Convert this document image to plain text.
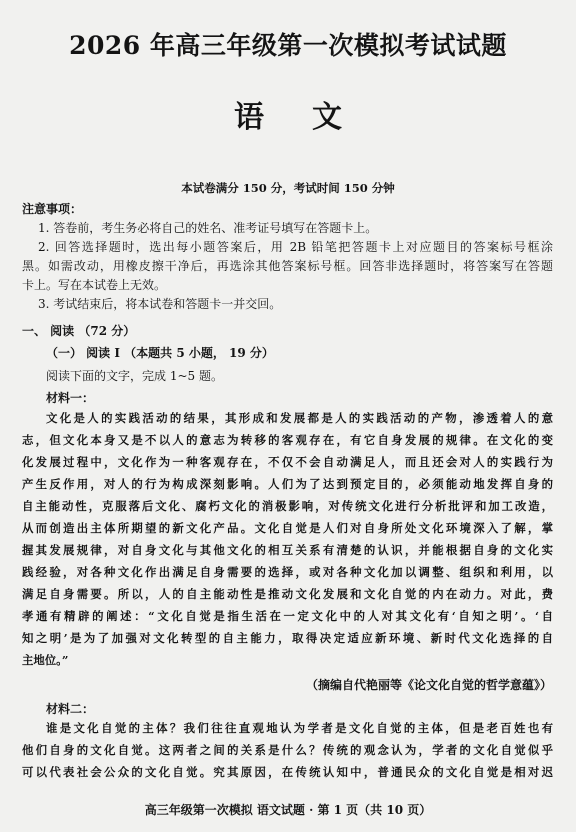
2026 年高三年级第一次模拟考试试题
语文
本试卷满分 150 分，考试时间 150 分钟
注意事项：
1. 答卷前，考生务必将自己的姓名、准考证号填写在答题卡上。
2. 回答选择题时，选出每小题答案后，用 2B 铅笔把答题卡上对应题目的答案标号框涂
黑。如需改动，用橡皮擦干净后，再选涂其他答案标号框。回答非选择题时，将答案写在答题
卡上。写在本试卷上无效。
3. 考试结束后，将本试卷和答题卡一并交回。
一、 阅读 （72 分）
（一） 阅读 I （本题共 5 小题， 19 分）
阅读下面的文字，完成 1~5 题。
材料一：
文化是人的实践活动的结果，其形成和发展都是人的实践活动的产物，渗透着人的意
志，但文化本身又是不以人的意志为转移的客观存在，有它自身发展的规律。在文化的变
化发展过程中，文化作为一种客观存在，不仅不会自动满足人，而且还会对人的实践行为
产生反作用，对人的行为构成深刻影响。人们为了达到预定目的，必须能动地发挥自身的
自主能动性，克服落后文化、腐朽文化的消极影响，对传统文化进行分析批评和加工改造，
从而创造出主体所期望的新文化产品。文化自觉是人们对自身所处文化环境深入了解，掌
握其发展规律，对自身文化与其他文化的相互关系有清楚的认识，并能根据自身的文化实
践经验，对各种文化作出满足自身需要的选择，或对各种文化加以调整、组织和利用，以
满足自身需要。所以，人的自主能动性是推动文化发展和文化自觉的内在动力。对此，费
孝通有精辟的阐述：“文化自觉是指生活在一定文化中的人对其文化有‘自知之明’。‘自
知之明’是为了加强对文化转型的自主能力，取得决定适应新环境、新时代文化选择的自
主地位。”
（摘编自代艳丽等《论文化自觉的哲学意蕴》）
材料二：
谁是文化自觉的主体？我们往往直观地认为学者是文化自觉的主体，但是老百姓也有
他们自身的文化自觉。这两者之间的关系是什么？传统的观念认为，学者的文化自觉似乎
可以代表社会公众的文化自觉。究其原因，在传统认知中，普通民众的文化自觉是相对迟
高三年级第一次模拟 语文试题 · 第 1 页（共 10 页）
